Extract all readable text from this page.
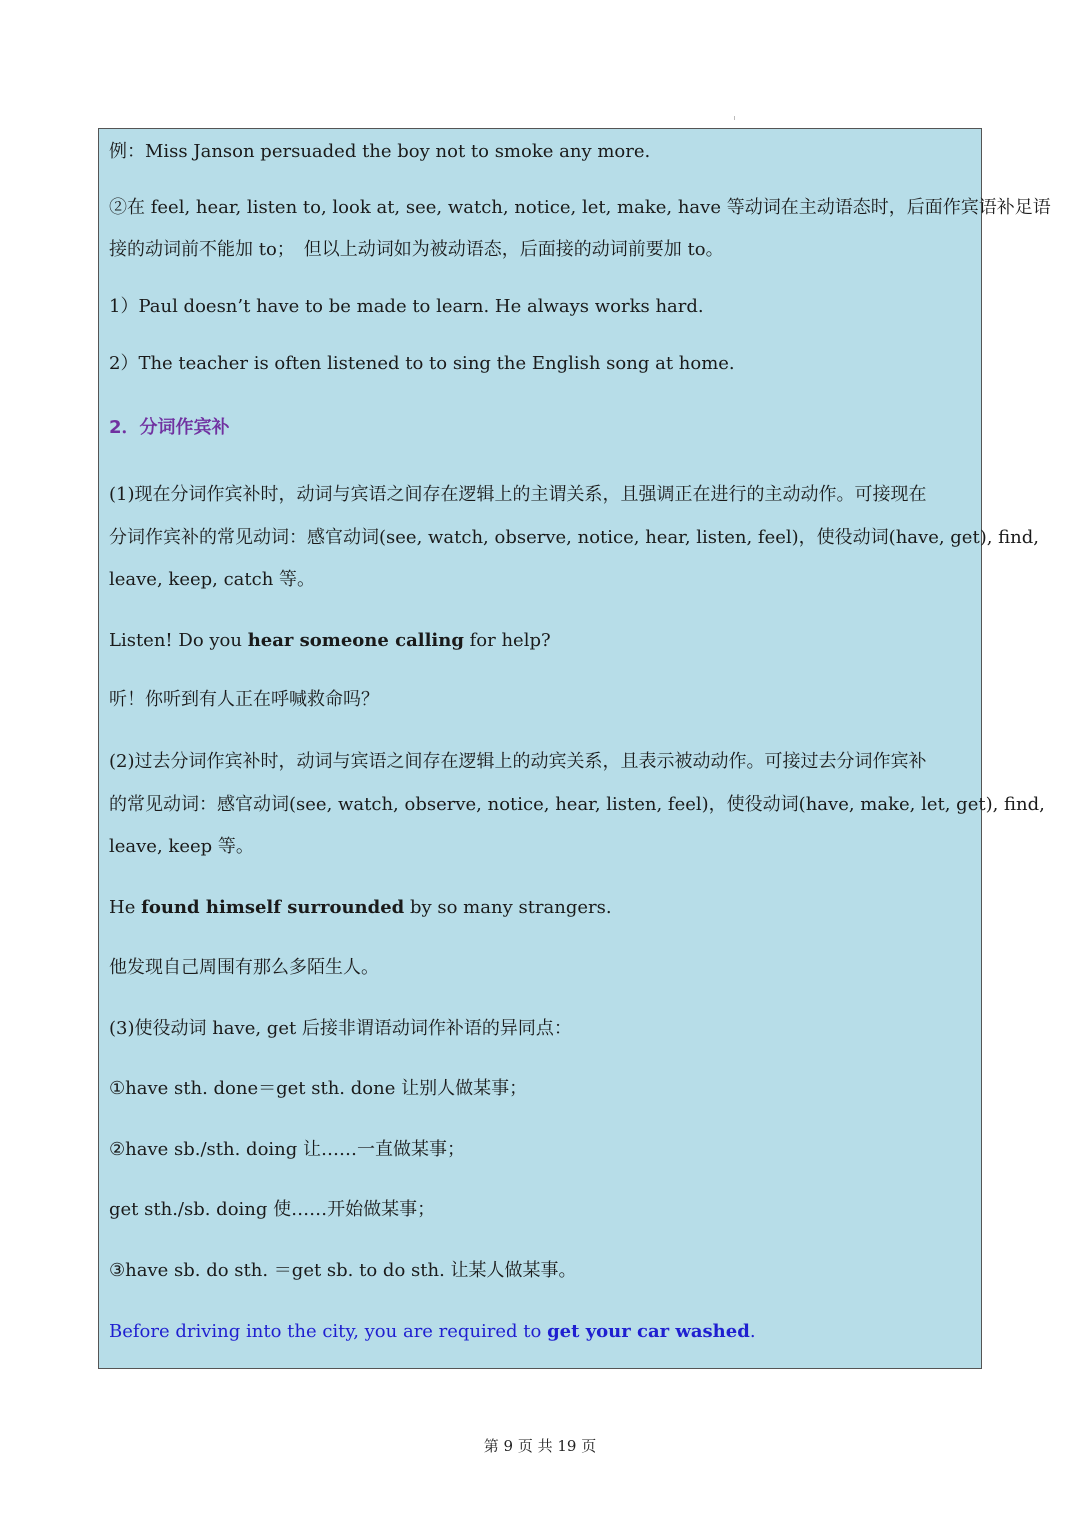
例：Miss Janson persuaded the boy not to smoke any more.
②在 feel, hear, listen to, look at, see, watch, notice, let, make, have 等动词在主动语态时，后面作宾语补足语
接的动词前不能加 to；　但以上动词如为被动语态，后面接的动词前要加 to。
1）Paul doesn’t have to be made to learn. He always works hard.
2）The teacher is often listened to to sing the English song at home.
2．分词作宾补
(1)现在分词作宾补时，动词与宾语之间存在逻辑上的主谓关系，且强调正在进行的主动动作。可接现在
分词作宾补的常见动词：感官动词(see, watch, observe, notice, hear, listen, feel)，使役动词(have, get), find,
leave, keep, catch 等。
Listen! Do you hear someone calling for help?
听！你听到有人正在呼喊救命吗？
(2)过去分词作宾补时，动词与宾语之间存在逻辑上的动宾关系，且表示被动动作。可接过去分词作宾补
的常见动词：感官动词(see, watch, observe, notice, hear, listen, feel)，使役动词(have, make, let, get), find,
leave, keep 等。
He found himself surrounded by so many strangers.
他发现自己周围有那么多陌生人。
(3)使役动词 have, get 后接非谓语动词作补语的异同点：
①have sth. done＝get sth. done 让别人做某事；
②have sb./sth. doing 让……一直做某事；
get sth./sb. doing 使……开始做某事；
③have sb. do sth. ＝get sb. to do sth. 让某人做某事。
Before driving into the city, you are required to get your car washed.
第 9 页 共 19 页
